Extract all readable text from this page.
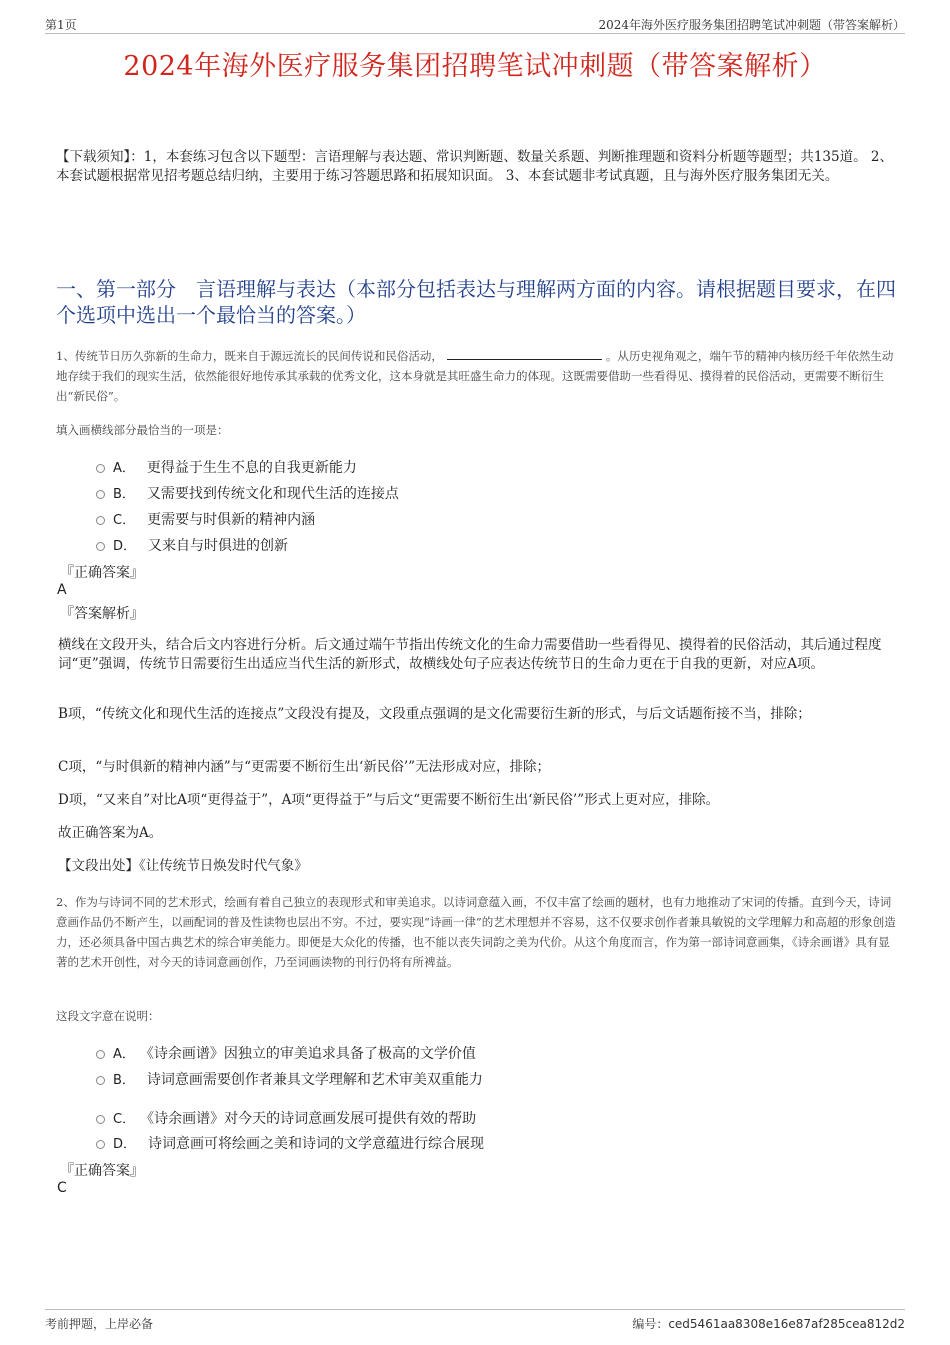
第1页	2024年海外医疗服务集团招聘笔试冲刺题（带答案解析）
2024年海外医疗服务集团招聘笔试冲刺题（带答案解析）
【下载须知】：1，本套练习包含以下题型：言语理解与表达题、常识判断题、数量关系题、判断推理题和资料分析题等题型；共135道。 2、本套试题根据常见招考题总结归纳，主要用于练习答题思路和拓展知识面。 3、本套试题非考试真题，且与海外医疗服务集团无关。
一、第一部分　言语理解与表达（本部分包括表达与理解两方面的内容。请根据题目要求，在四个选项中选出一个最恰当的答案。）
1、传统节日历久弥新的生命力，既来自于源远流长的民间传说和民俗活动，	。从历史视角观之，端午节的精神内核历经千年依然生动地存续于我们的现实生活，依然能很好地传承其承载的优秀文化，这本身就是其旺盛生命力的体现。这既需要借助一些看得见、摸得着的民俗活动，更需要不断衍生出“新民俗”。
填入画横线部分最恰当的一项是：
A． 更得益于生生不息的自我更新能力
B． 又需要找到传统文化和现代生活的连接点
C． 更需要与时俱新的精神内涵
D． 又来自与时俱进的创新
『正确答案』
A
『答案解析』
横线在文段开头，结合后文内容进行分析。后文通过端午节指出传统文化的生命力需要借助一些看得见、摸得着的民俗活动，其后通过程度词“更”强调，传统节日需要衍生出适应当代生活的新形式，故横线处句子应表达传统节日的生命力更在于自我的更新，对应A项。
B项，“传统文化和现代生活的连接点”文段没有提及，文段重点强调的是文化需要衍生新的形式，与后文话题衔接不当，排除；
C项，“与时俱新的精神内涵”与“更需要不断衍生出‘新民俗’”无法形成对应，排除；
D项，“又来自”对比A项“更得益于”，A项“更得益于”与后文“更需要不断衍生出‘新民俗’”形式上更对应，排除。
故正确答案为A。
【文段出处】《让传统节日焕发时代气象》
2、作为与诗词不同的艺术形式，绘画有着自己独立的表现形式和审美追求。以诗词意蕴入画，不仅丰富了绘画的题材，也有力地推动了宋词的传播。直到今天，诗词意画作品仍不断产生，以画配词的普及性读物也层出不穷。不过，要实现“诗画一律”的艺术理想并不容易，这不仅要求创作者兼具敏锐的文学理解力和高超的形象创造力，还必须具备中国古典艺术的综合审美能力。即便是大众化的传播，也不能以丧失词韵之美为代价。从这个角度而言，作为第一部诗词意画集，《诗余画谱》具有显著的艺术开创性，对今天的诗词意画创作，乃至词画读物的刊行仍将有所裨益。
这段文字意在说明：
A． 《诗余画谱》因独立的审美追求具备了极高的文学价值
B． 诗词意画需要创作者兼具文学理解和艺术审美双重能力
C． 《诗余画谱》对今天的诗词意画发展可提供有效的帮助
D． 诗词意画可将绘画之美和诗词的文学意蕴进行综合展现
『正确答案』
C
考前押题，上岸必备	编号：ced5461aa8308e16e87af285cea812d2
